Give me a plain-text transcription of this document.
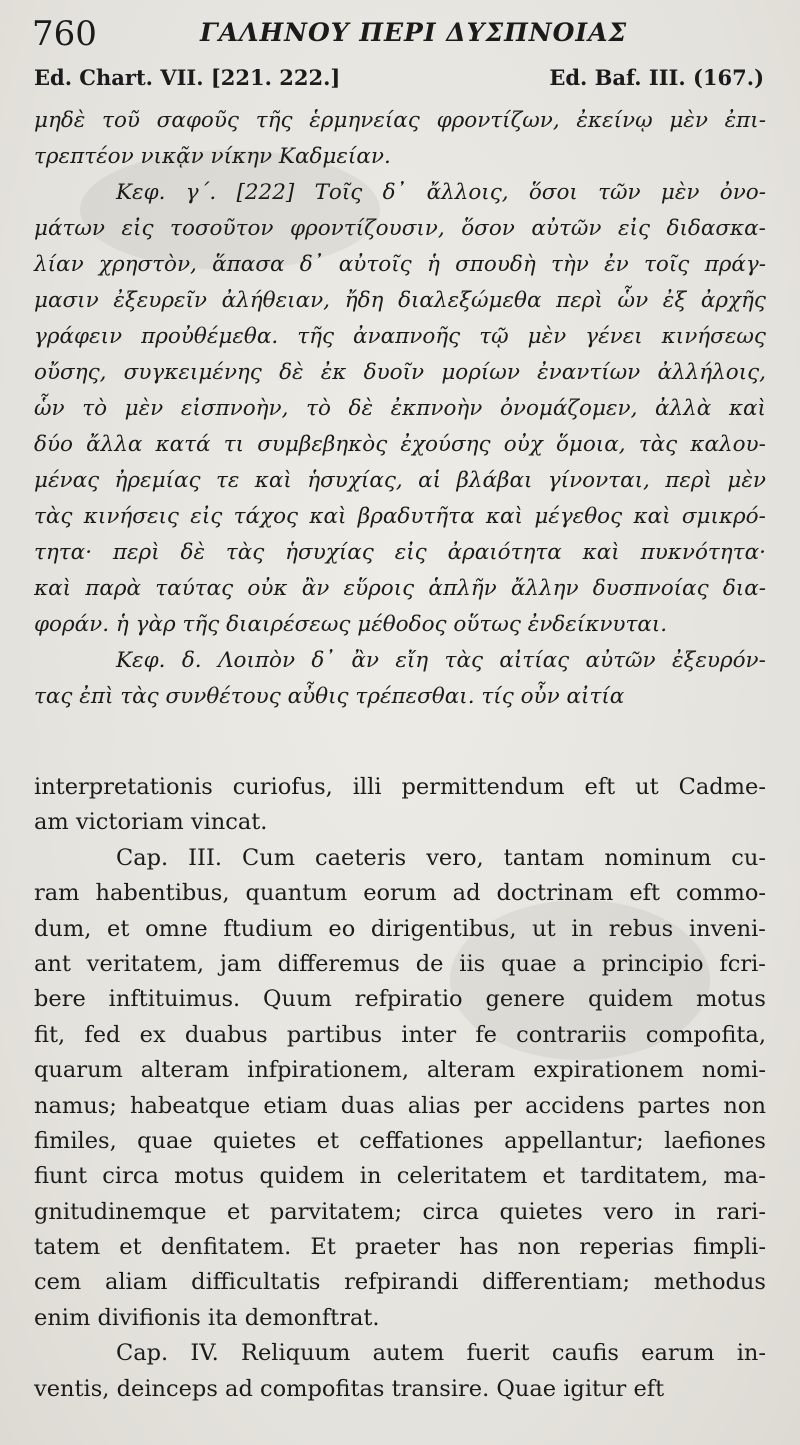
760	ΓΑΛΗΝΟΥ ΠΕΡΙ ΔΥΣΠΝΟΙΑΣ
Ed. Chart. VII. [221. 222.]	Ed. Baf. III. (167.)
μηδὲ τοῦ σαφοῦς τῆς ἑρμηνείας φροντίζων, ἐκείνῳ μὲν ἐπι-
τρεπτέον νικᾷν νίκην Καδμείαν.
Κεφ. γ΄. [222] Τοῖς δ᾽ ἄλλοις, ὅσοι τῶν μὲν ὀνο-
μάτων εἰς τοσοῦτον φροντίζουσιν, ὅσον αὐτῶν εἰς διδασκα-
λίαν χρηστὸν, ἅπασα δ᾽ αὐτοῖς ἡ σπουδὴ τὴν ἐν τοῖς πράγ-
μασιν ἐξευρεῖν ἀλήθειαν, ἤδη διαλεξώμεθα περὶ ὧν ἐξ ἀρχῆς
γράφειν προὐθέμεθα. τῆς ἀναπνοῆς τῷ μὲν γένει κινήσεως
οὔσης, συγκειμένης δὲ ἐκ δυοῖν μορίων ἐναντίων ἀλλήλοις,
ὧν τὸ μὲν εἰσπνοὴν, τὸ δὲ ἐκπνοὴν ὀνομάζομεν, ἀλλὰ καὶ
δύο ἄλλα κατά τι συμβεβηκὸς ἐχούσης οὐχ ὅμοια, τὰς καλου-
μένας ἠρεμίας τε καὶ ἡσυχίας, αἱ βλάβαι γίνονται, περὶ μὲν
τὰς κινήσεις εἰς τάχος καὶ βραδυτῆτα καὶ μέγεθος καὶ σμικρό-
τητα· περὶ δὲ τὰς ἡσυχίας εἰς ἀραιότητα καὶ πυκνότητα·
καὶ παρὰ ταύτας οὐκ ἂν εὕροις ἁπλῆν ἄλλην δυσπνοίας δια-
φοράν. ἡ γὰρ τῆς διαιρέσεως μέθοδος οὕτως ἐνδείκνυται.
Κεφ. δ. Λοιπὸν δ᾽ ἂν εἴη τὰς αἰτίας αὐτῶν ἐξευρόν-
τας ἐπὶ τὰς συνθέτους αὖθις τρέπεσθαι. τίς οὖν αἰτία
interpretationis curiofus, illi permittendum eft ut Cadme-
am victoriam vincat.
Cap. III. Cum caeteris vero, tantam nominum cu-
ram habentibus, quantum eorum ad doctrinam eft commo-
dum, et omne ftudium eo dirigentibus, ut in rebus inveni-
ant veritatem, jam differemus de iis quae a principio fcri-
bere inftituimus. Quum refpiratio genere quidem motus
fit, fed ex duabus partibus inter fe contrariis compofita,
quarum alteram infpirationem, alteram expirationem nomi-
namus; habeatque etiam duas alias per accidens partes non
fimiles, quae quietes et ceffationes appellantur; laefiones
fiunt circa motus quidem in celeritatem et tarditatem, ma-
gnitudinemque et parvitatem; circa quietes vero in rari-
tatem et denfitatem. Et praeter has non reperias fimpli-
cem aliam difficultatis refpirandi differentiam; methodus
enim divifionis ita demonftrat.
Cap. IV. Reliquum autem fuerit caufis earum in-
ventis, deinceps ad compofitas transire. Quae igitur eft
